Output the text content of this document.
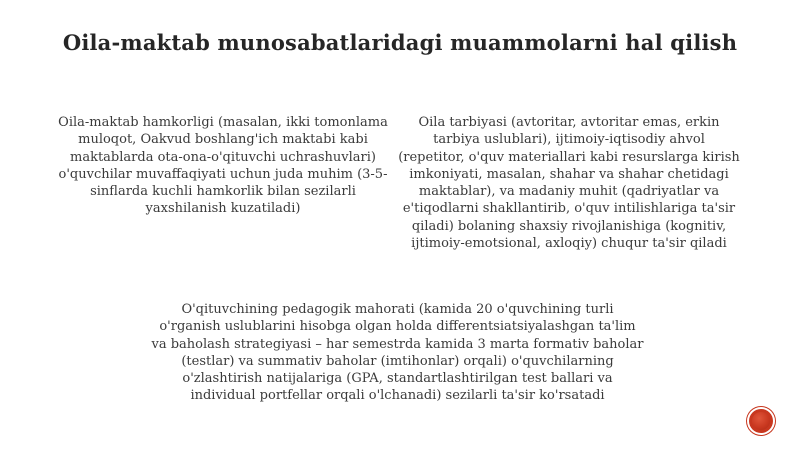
Oila-maktab munosabatlaridagi muammolarni hal qilish
Oila-maktab hamkorligi (masalan, ikki tomonlama muloqot, Oakvud boshlang'ich maktabi kabi maktablarda ota-ona-o'qituvchi uchrashuvlari) o'quvchilar muvaffaqiyati uchun juda muhim (3-5-sinflarda kuchli hamkorlik bilan sezilarli yaxshilanish kuzatiladi)
Oila tarbiyasi (avtoritar, avtoritar emas, erkin tarbiya uslublari), ijtimoiy-iqtisodiy ahvol (repetitor, o'quv materiallari kabi resurslarga kirish imkoniyati, masalan, shahar va shahar chetidagi maktablar), va madaniy muhit (qadriyatlar va e'tiqodlarni shakllantirib, o'quv intilishlariga ta'sir qiladi) bolaning shaxsiy rivojlanishiga (kognitiv, ijtimoiy-emotsional, axloqiy) chuqur ta'sir qiladi
O'qituvchining pedagogik mahorati (kamida 20 o'quvchining turli o'rganish uslublarini hisobga olgan holda differentsiatsiyalashgan ta'lim va baholash strategiyasi – har semestrda kamida 3 marta formativ baholar (testlar) va summativ baholar (imtihonlar) orqali) o'quvchilarning o'zlashtirish natijalariga (GPA, standartlashtirilgan test ballari va individual portfellar orqali o'lchanadi) sezilarli ta'sir ko'rsatadi
